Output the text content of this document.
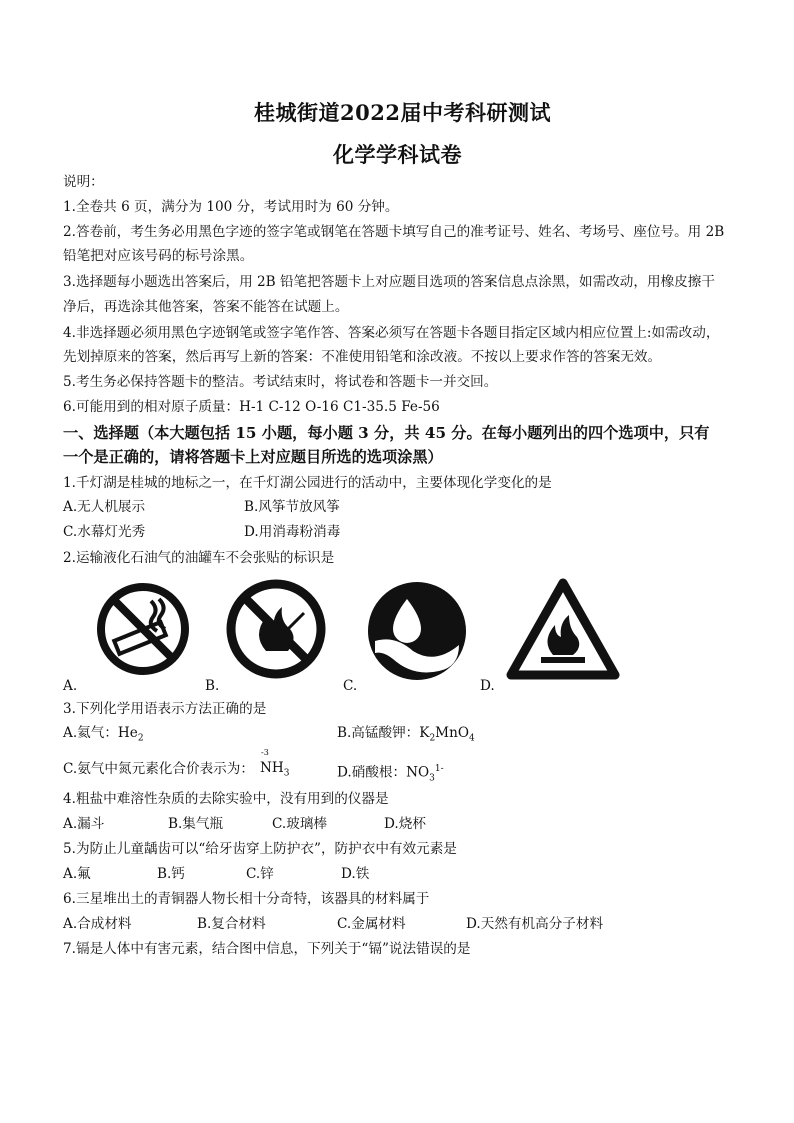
桂城街道2022届中考科研测试
化学学科试卷
说明：
1.全卷共 6 页，满分为 100 分，考试用时为 60 分钟。
2.答卷前，考生务必用黑色字迹的签字笔或钢笔在答题卡填写自己的准考证号、姓名、考场号、座位号。用 2B
铅笔把对应该号码的标号涂黑。
3.选择题每小题选出答案后，用 2B 铅笔把答题卡上对应题目选项的答案信息点涂黑，如需改动，用橡皮擦干
净后，再选涂其他答案，答案不能答在试题上。
4.非选择题必须用黑色字迹钢笔或签字笔作答、答案必须写在答题卡各题目指定区域内相应位置上:如需改动，
先划掉原来的答案，然后再写上新的答案：不准使用铅笔和涂改液。不按以上要求作答的答案无效。
5.考生务必保持答题卡的整洁。考试结束时，将试卷和答题卡一并交回。
6.可能用到的相对原子质量：H-1 C-12 O-16 C1-35.5 Fe-56
一、选择题（本大题包括 15 小题，每小题 3 分，共 45 分。在每小题列出的四个选项中，只有
一个是正确的，请将答题卡上对应题目所选的选项涂黑）
1.千灯湖是桂城的地标之一，在千灯湖公园进行的活动中，主要体现化学变化的是
A.无人机展示	B.风筝节放风筝
C.水幕灯光秀	D.用消毒粉消毒
2.运输液化石油气的油罐车不会张贴的标识是
A.	B.	C.	D.
3.下列化学用语表示方法正确的是
A.氦气：$He_2$	B.高锰酸钾：$K_2MnO_4$
C.氨气中氮元素化合价表示为：
-3
$NH_3$	D.硝酸根：$NO_3^{1-}$
4.粗盐中难溶性杂质的去除实验中，没有用到的仪器是
A.漏斗	B.集气瓶	C.玻璃棒	D.烧杯
5.为防止儿童龋齿可以“给牙齿穿上防护衣”，防护衣中有效元素是
A.氟	B.钙	C.锌	D.铁
6.三星堆出土的青铜器人物长相十分奇特，该器具的材料属于
A.合成材料	B.复合材料	C.金属材料	D.天然有机高分子材料
7.镉是人体中有害元素，结合图中信息，下列关于“镉”说法错误的是
